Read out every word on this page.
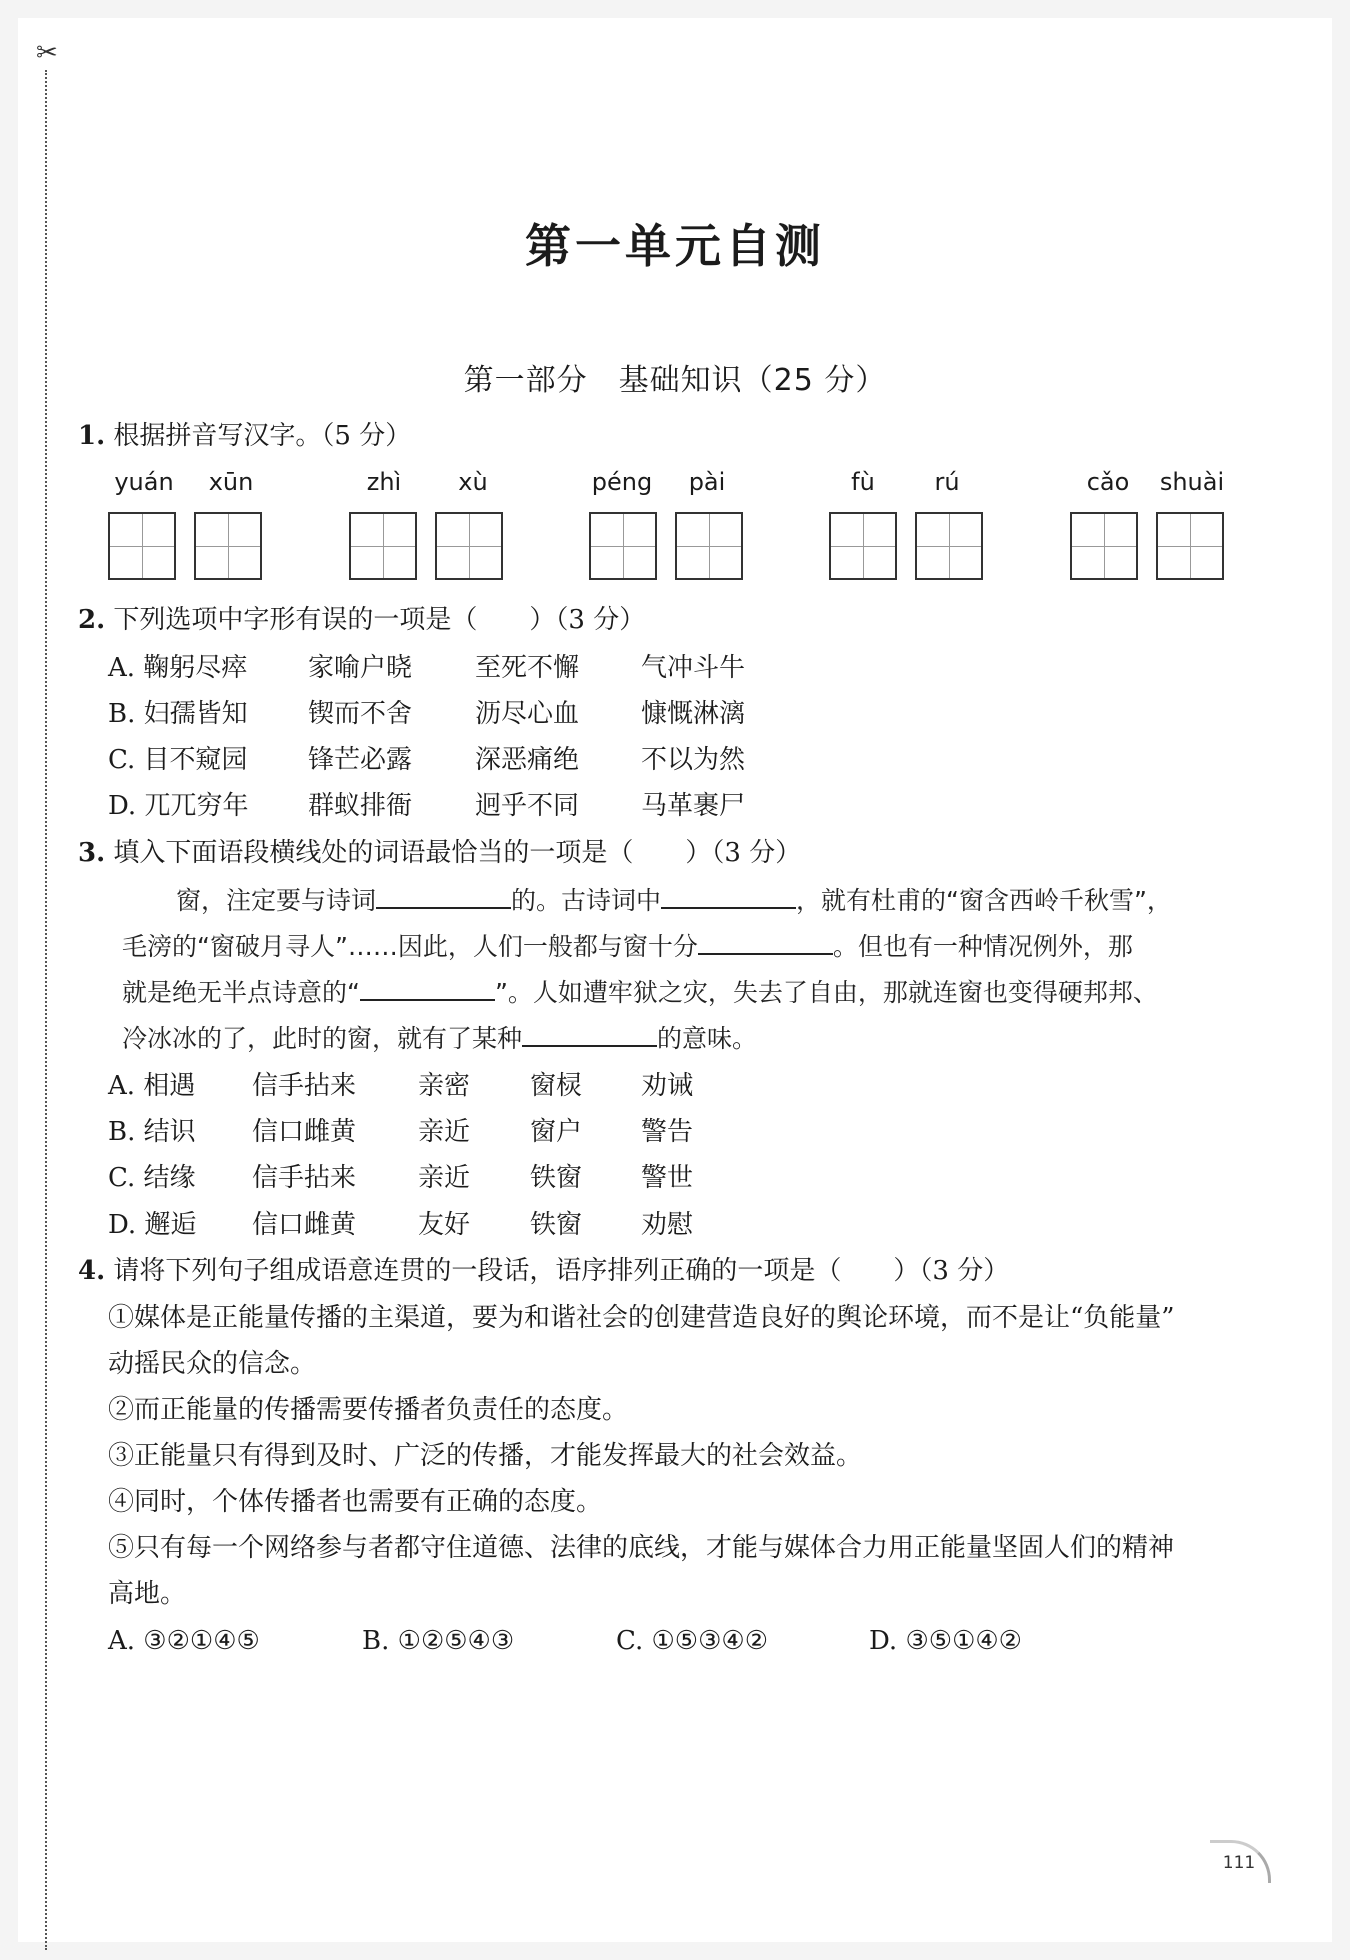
✂
第一单元自测
第一部分　基础知识（25 分）
1. 根据拼音写汉字。（5 分）
yuán	xūn	zhì	xù	péng	pài	fù	rú	cǎo	shuài
2. 下列选项中字形有误的一项是（　　）（3 分）
A. 鞠躬尽瘁 家喻户晓 至死不懈 气冲斗牛
B. 妇孺皆知 锲而不舍 沥尽心血 慷慨淋漓
C. 目不窥园 锋芒必露 深恶痛绝 不以为然
D. 兀兀穷年 群蚁排衙 迥乎不同 马革裹尸
3. 填入下面语段横线处的词语最恰当的一项是（　　）（3 分）
窗，注定要与诗词	的。古诗词中	，就有杜甫的“窗含西岭千秋雪”，
毛滂的“窗破月寻人”……因此，人们一般都与窗十分	。但也有一种情况例外，那
就是绝无半点诗意的“	”。人如遭牢狱之灾，失去了自由，那就连窗也变得硬邦邦、
冷冰冰的了，此时的窗，就有了某种	的意味。
A. 相遇 信手拈来 亲密 窗棂 劝诫
B. 结识 信口雌黄 亲近 窗户 警告
C. 结缘 信手拈来 亲近 铁窗 警世
D. 邂逅 信口雌黄 友好 铁窗 劝慰
4. 请将下列句子组成语意连贯的一段话，语序排列正确的一项是（　　）（3 分）
①媒体是正能量传播的主渠道，要为和谐社会的创建营造良好的舆论环境，而不是让“负能量”
动摇民众的信念。
②而正能量的传播需要传播者负责任的态度。
③正能量只有得到及时、广泛的传播，才能发挥最大的社会效益。
④同时，个体传播者也需要有正确的态度。
⑤只有每一个网络参与者都守住道德、法律的底线，才能与媒体合力用正能量坚固人们的精神
高地。
A. ③②①④⑤	B. ①②⑤④③	C. ①⑤③④②	D. ③⑤①④②
111
